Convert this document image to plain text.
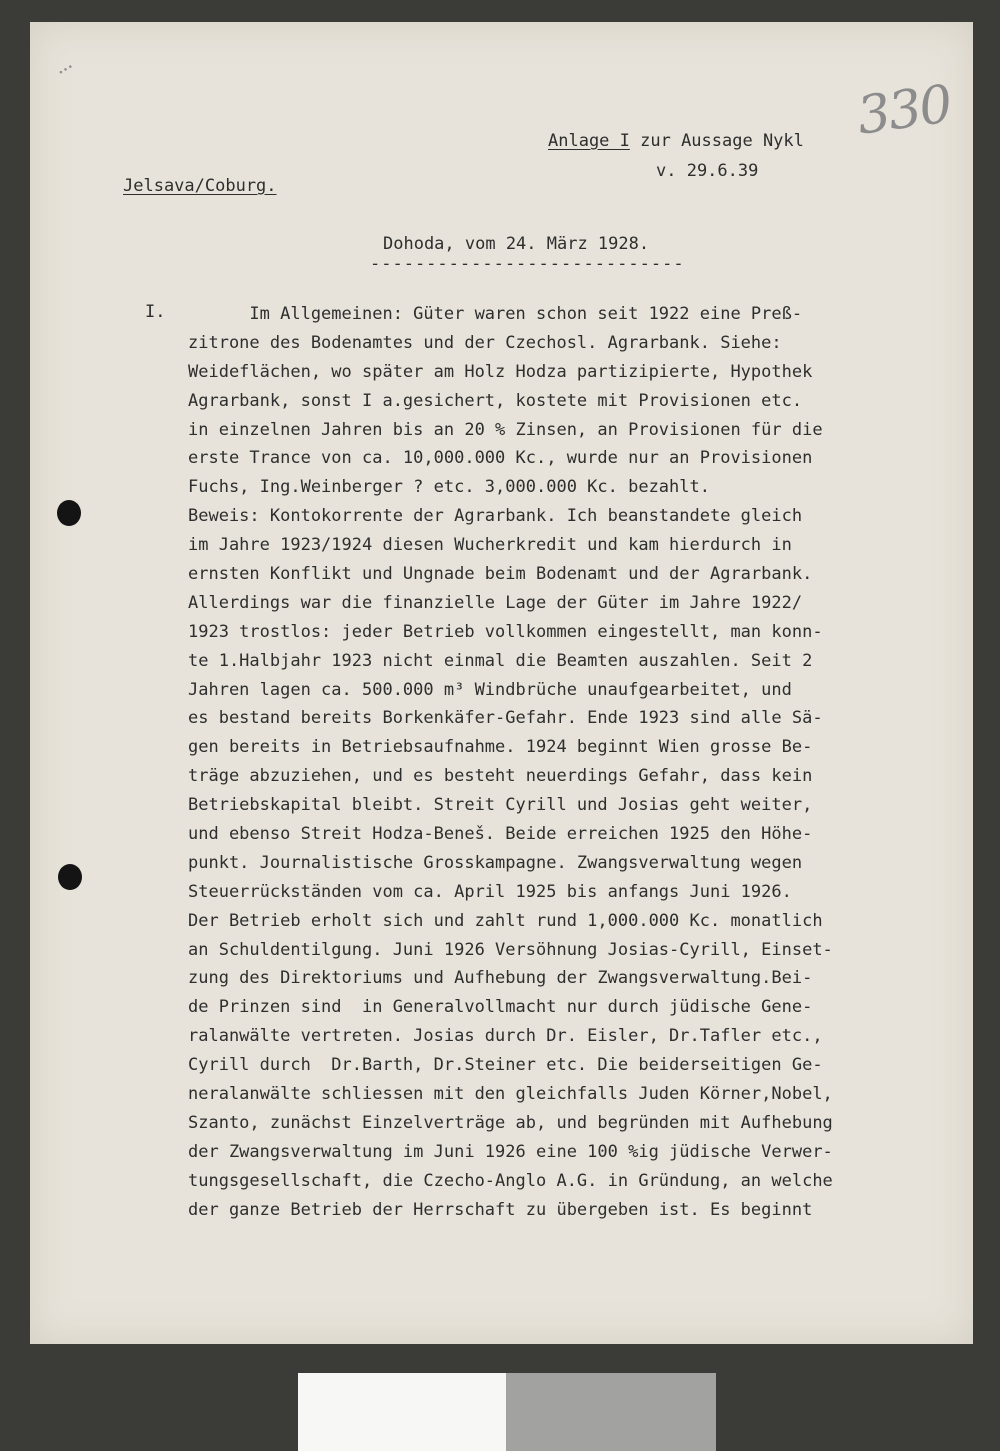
•••
330
Anlage I zur Aussage Nykl
v. 29.6.39
Jelsava/Coburg.
Dohoda, vom 24. März 1928.
----------------------------
I. Im Allgemeinen: Güter waren schon seit 1922 eine Preß-
zitrone des Bodenamtes und der Czechosl. Agrarbank. Siehe:
Weideflächen, wo später am Holz Hodza partizipierte, Hypothek
Agrarbank, sonst I a.gesichert, kostete mit Provisionen etc.
in einzelnen Jahren bis an 20 % Zinsen, an Provisionen für die
erste Trance von ca. 10,000.000 Kc., wurde nur an Provisionen
Fuchs, Ing.Weinberger ? etc. 3,000.000 Kc. bezahlt.
Beweis: Kontokorrente der Agrarbank. Ich beanstandete gleich
im Jahre 1923/1924 diesen Wucherkredit und kam hierdurch in
ernsten Konflikt und Ungnade beim Bodenamt und der Agrarbank.
Allerdings war die finanzielle Lage der Güter im Jahre 1922/
1923 trostlos: jeder Betrieb vollkommen eingestellt, man konn-
te 1.Halbjahr 1923 nicht einmal die Beamten auszahlen. Seit 2
Jahren lagen ca. 500.000 m³ Windbrüche unaufgearbeitet, und
es bestand bereits Borkenkäfer-Gefahr. Ende 1923 sind alle Sä-
gen bereits in Betriebsaufnahme. 1924 beginnt Wien grosse Be-
träge abzuziehen, und es besteht neuerdings Gefahr, dass kein
Betriebskapital bleibt. Streit Cyrill und Josias geht weiter,
und ebenso Streit Hodza-Beneš. Beide erreichen 1925 den Höhe-
punkt. Journalistische Grosskampagne. Zwangsverwaltung wegen
Steuerrückständen vom ca. April 1925 bis anfangs Juni 1926.
Der Betrieb erholt sich und zahlt rund 1,000.000 Kc. monatlich
an Schuldentilgung. Juni 1926 Versöhnung Josias-Cyrill, Einset-
zung des Direktoriums und Aufhebung der Zwangsverwaltung.Bei-
de Prinzen sind  in Generalvollmacht nur durch jüdische Gene-
ralanwälte vertreten. Josias durch Dr. Eisler, Dr.Tafler etc.,
Cyrill durch  Dr.Barth, Dr.Steiner etc. Die beiderseitigen Ge-
neralanwälte schliessen mit den gleichfalls Juden Körner,Nobel,
Szanto, zunächst Einzelverträge ab, und begründen mit Aufhebung
der Zwangsverwaltung im Juni 1926 eine 100 %ig jüdische Verwer-
tungsgesellschaft, die Czecho-Anglo A.G. in Gründung, an welche
der ganze Betrieb der Herrschaft zu übergeben ist. Es beginnt
